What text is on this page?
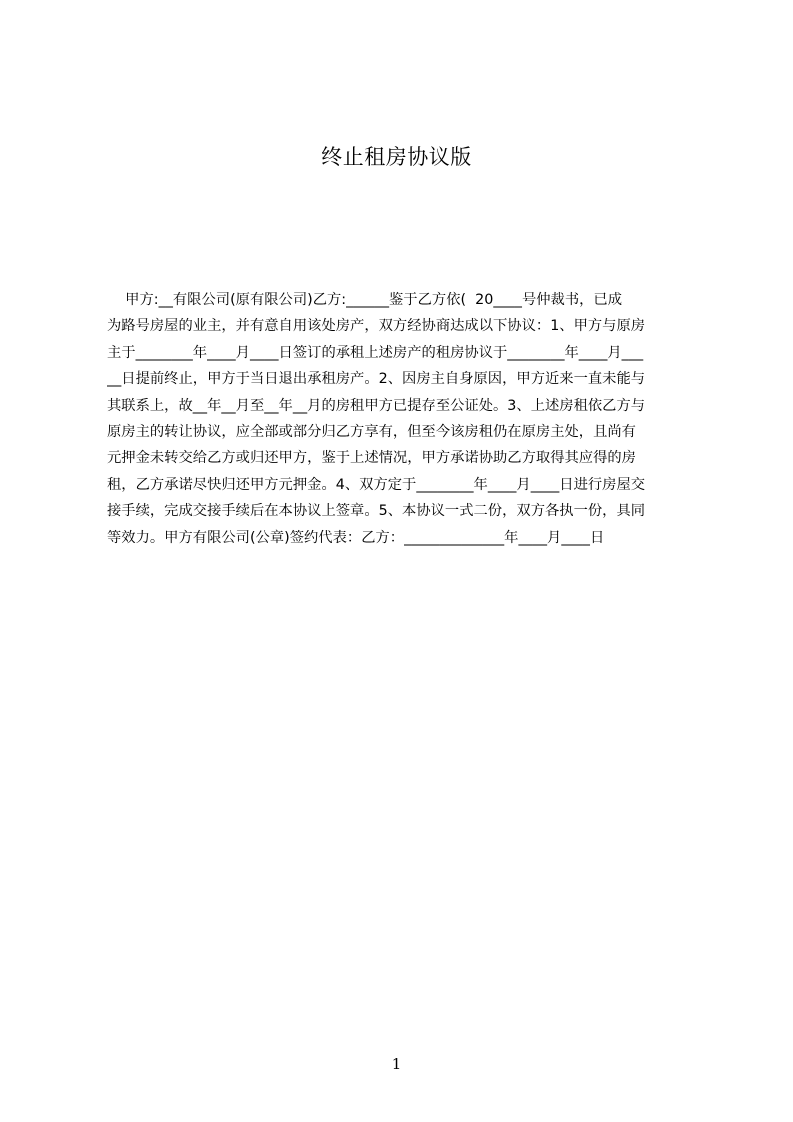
终止租房协议版
甲方:__有限公司(原有限公司)乙方:______鉴于乙方依(  20____号仲裁书，已成
为路号房屋的业主，并有意自用该处房产，双方经协商达成以下协议：1、甲方与原房
主于________年____月____日签订的承租上述房产的租房协议于________年____月___
__日提前终止，甲方于当日退出承租房产。2、因房主自身原因，甲方近来一直未能与
其联系上，故__年__月至__年__月的房租甲方已提存至公证处。3、上述房租依乙方与
原房主的转让协议，应全部或部分归乙方享有，但至今该房租仍在原房主处，且尚有
元押金未转交给乙方或归还甲方，鉴于上述情况，甲方承诺协助乙方取得其应得的房
租，乙方承诺尽快归还甲方元押金。4、双方定于________年____月____日进行房屋交
接手续，完成交接手续后在本协议上签章。5、本协议一式二份，双方各执一份，具同
等效力。甲方有限公司(公章)签约代表：乙方：______________年____月____日
1
